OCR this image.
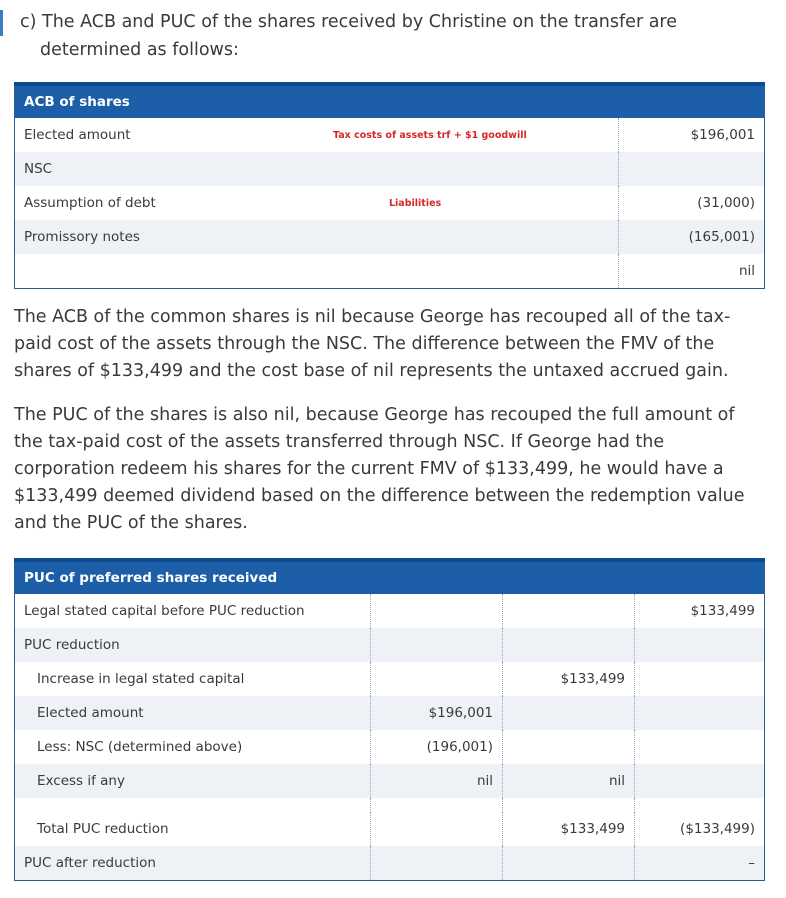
c) The ACB and PUC of the shares received by Christine on the transfer are
determined as follows:
ACB of shares	
Elected amount Tax costs of assets trf + $1 goodwill	$196,001
NSC	
Assumption of debt Liabilities	(31,000)
Promissory notes	(165,001)
	nil
The ACB of the common shares is nil because George has recouped all of the tax-paid cost of the assets through the NSC. The difference between the FMV of the shares of $133,499 and the cost base of nil represents the untaxed accrued gain.
The PUC of the shares is also nil, because George has recouped the full amount of the tax-paid cost of the assets transferred through NSC. If George had the corporation redeem his shares for the current FMV of $133,499, he would have a $133,499 deemed dividend based on the difference between the redemption value and the PUC of the shares.
PUC of preferred shares received			
Legal stated capital before PUC reduction			$133,499
PUC reduction			
Increase in legal stated capital		$133,499	
Elected amount	$196,001		
Less: NSC (determined above)	(196,001)		
Excess if any	nil	nil	

Total PUC reduction		$133,499	($133,499)
PUC after reduction			–
